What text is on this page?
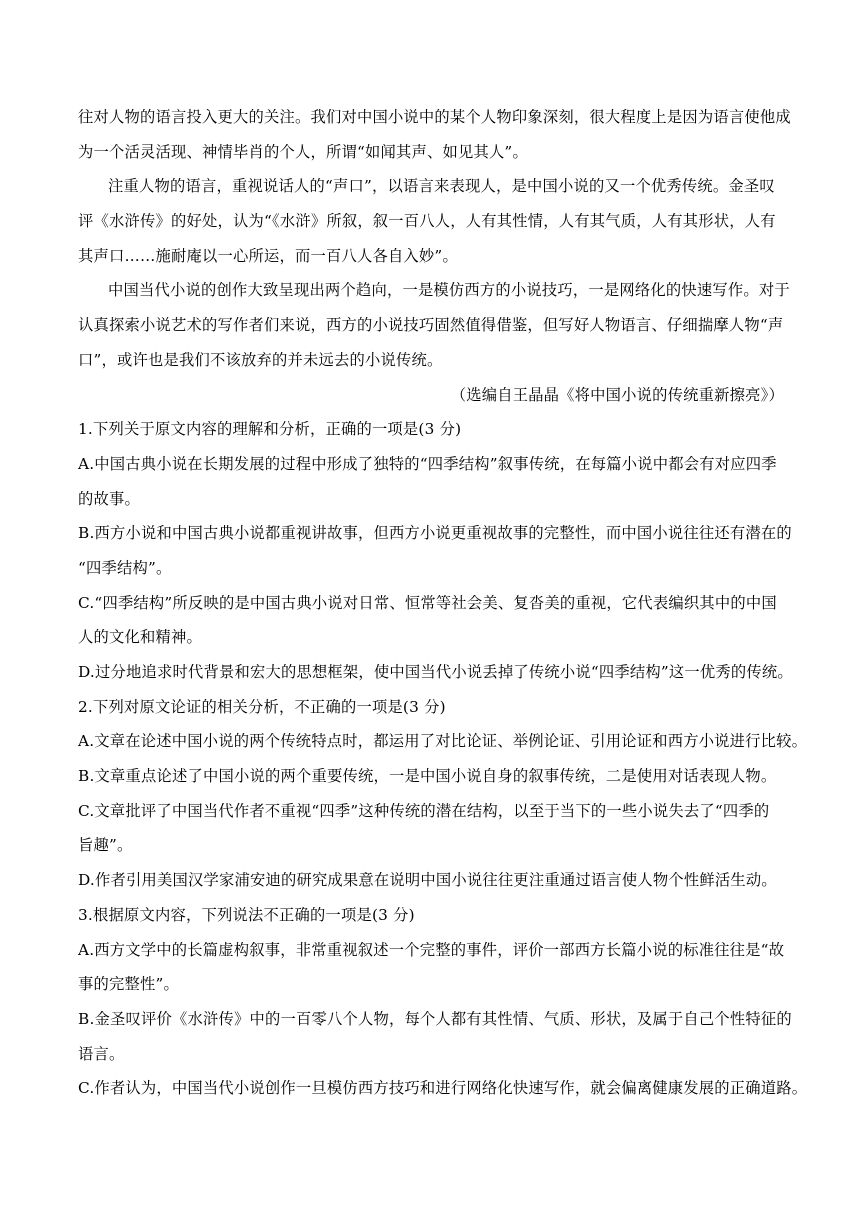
往对人物的语言投入更大的关注。我们对中国小说中的某个人物印象深刻，很大程度上是因为语言使他成
为一个活灵活现、神情毕肖的个人，所谓“如闻其声、如见其人”。
注重人物的语言，重视说话人的“声口”，以语言来表现人，是中国小说的又一个优秀传统。金圣叹
评《水浒传》的好处，认为“《水浒》所叙，叙一百八人，人有其性情，人有其气质，人有其形状，人有
其声口……施耐庵以一心所运，而一百八人各自入妙”。
中国当代小说的创作大致呈现出两个趋向，一是模仿西方的小说技巧，一是网络化的快速写作。对于
认真探索小说艺术的写作者们来说，西方的小说技巧固然值得借鉴，但写好人物语言、仔细揣摩人物“声
口”，或许也是我们不该放弃的并未远去的小说传统。
（选编自王晶晶《将中国小说的传统重新擦亮》）
1.下列关于原文内容的理解和分析，正确的一项是(3 分)
A.中国古典小说在长期发展的过程中形成了独特的“四季结构”叙事传统，在每篇小说中都会有对应四季
的故事。
B.西方小说和中国古典小说都重视讲故事，但西方小说更重视故事的完整性，而中国小说往往还有潜在的
“四季结构”。
C.“四季结构”所反映的是中国古典小说对日常、恒常等社会美、复沓美的重视，它代表编织其中的中国
人的文化和精神。
D.过分地追求时代背景和宏大的思想框架，使中国当代小说丢掉了传统小说“四季结构”这一优秀的传统。
2.下列对原文论证的相关分析，不正确的一项是(3 分)
A.文章在论述中国小说的两个传统特点时，都运用了对比论证、举例论证、引用论证和西方小说进行比较。
B.文章重点论述了中国小说的两个重要传统，一是中国小说自身的叙事传统，二是使用对话表现人物。
C.文章批评了中国当代作者不重视“四季”这种传统的潜在结构，以至于当下的一些小说失去了“四季的
旨趣”。
D.作者引用美国汉学家浦安迪的研究成果意在说明中国小说往往更注重通过语言使人物个性鲜活生动。
3.根据原文内容，下列说法不正确的一项是(3 分)
A.西方文学中的长篇虚构叙事，非常重视叙述一个完整的事件，评价一部西方长篇小说的标准往往是“故
事的完整性”。
B.金圣叹评价《水浒传》中的一百零八个人物，每个人都有其性情、气质、形状，及属于自己个性特征的
语言。
C.作者认为，中国当代小说创作一旦模仿西方技巧和进行网络化快速写作，就会偏离健康发展的正确道路。
